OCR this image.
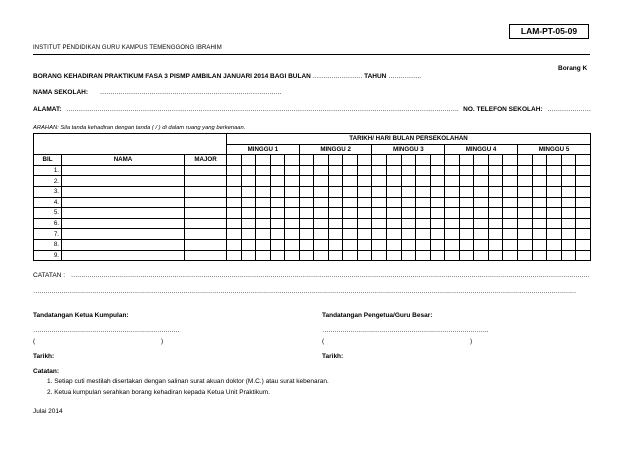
LAM-PT-05-09
INSTITUT PENDIDIKAN GURU KAMPUS TEMENGGONG IBRAHIM
Borang K
BORANG KEHADIRAN PRAKTIKUM FASA 3 PISMP AMBILAN JANUARI 2014 BAGI BULAN …………………… TAHUN …………….
NAMA SEKOLAH: …………………………………………………………………………….
ALAMAT: ………………………………………………………………………………………………………………………………………………………………………. NO. TELEFON SEKOLAH: …………………
ARAHAN: Sila tanda kehadiran dengan tanda ( / ) di dalam ruang yang berkenaan.
			TARIKH/ HARI BULAN PERSEKOLAHAN																								
			MINGGU 1					MINGGU 2					MINGGU 3					MINGGU 4					MINGGU 5				
BIL	NAMA	MAJOR																									
1.																											
2.																											
3.																											
4.																											
5.																											
6.																											
7.																											
8.																											
9.																											
CATATAN : …………………………………………………………………………………………………………………………………………………………………………………………………………………………………
……………………………………………………………………………………………………………………………………………………………………………………………………………………………………………
Tandatangan Ketua Kumpulan:	Tandatangan Pengetua/Guru Besar:
………………………………………………………………	……………………………………………………………………….
(	)	(	)
Tarikh:	Tarikh:
Catatan:
1. Setiap cuti mestilah disertakan dengan salinan surat akuan doktor (M.C.) atau surat kebenaran.
2. Ketua kumpulan serahkan borang kehadiran kepada Ketua Unit Praktikum.
Julai 2014
